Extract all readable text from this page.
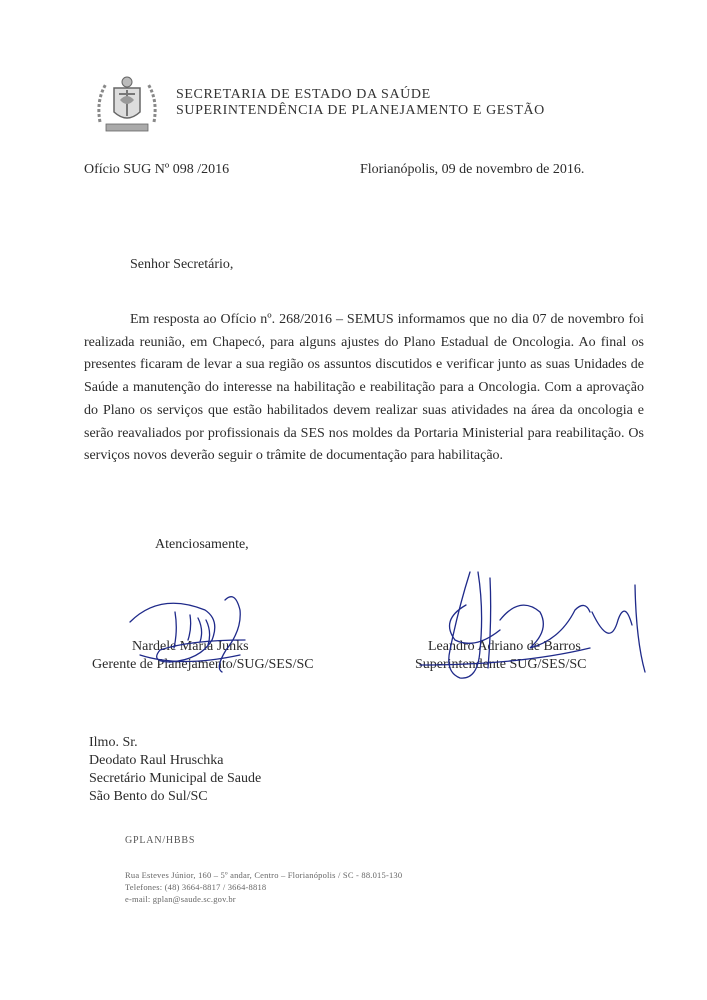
SECRETARIA DE ESTADO DA SAÚDE
SUPERINTENDÊNCIA DE PLANEJAMENTO E GESTÃO
Ofício SUG Nº 098 /2016	Florianópolis, 09 de novembro de 2016.
Senhor Secretário,

Em resposta ao Ofício nº. 268/2016 – SEMUS informamos que no dia 07 de novembro foi realizada reunião, em Chapecó, para alguns ajustes do Plano Estadual de Oncologia. Ao final os presentes ficaram de levar a sua região os assuntos discutidos e verificar junto as suas Unidades de Saúde a manutenção do interesse na habilitação e reabilitação para a Oncologia. Com a aprovação do Plano os serviços que estão habilitados devem realizar suas atividades na área da oncologia e serão reavaliados por profissionais da SES nos moldes da Portaria Ministerial para reabilitação. Os serviços novos deverão seguir o trâmite de documentação para habilitação.

Atenciosamente,
Nardele Maria Junks
Gerente de Planejamento/SUG/SES/SC
Leandro Adriano de Barros
Superintendente SUG/SES/SC
Ilmo. Sr.
Deodato Raul Hruschka
Secretário Municipal de Saude
São Bento do Sul/SC
GPLAN/HBBS
Rua Esteves Júnior, 160 – 5º andar, Centro – Florianópolis / SC - 88.015-130
Telefones: (48) 3664-8817 / 3664-8818
e-mail: gplan@saude.sc.gov.br
